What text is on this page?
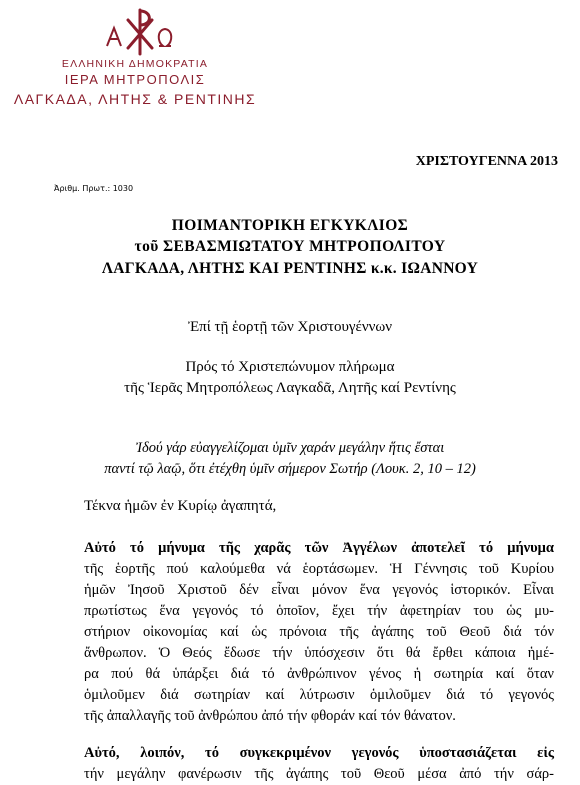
ΕΛΛΗΝΙΚΗ ΔΗΜΟΚΡΑΤΙΑ
ΙΕΡΑ ΜΗΤΡΟΠΟΛΙΣ
ΛΑΓΚΑΔΑ, ΛΗΤΗΣ & ΡΕΝΤΙΝΗΣ
ΧΡΙΣΤΟΥΓΕΝΝΑ 2013
Ἀριθμ. Πρωτ.: 1030
ΠΟΙΜΑΝΤΟΡΙΚΗ ΕΓΚΥΚΛΙΟΣ
τοῦ ΣΕΒΑΣΜΙΩΤΑΤΟΥ ΜΗΤΡΟΠΟΛΙΤΟΥ
ΛΑΓΚΑΔΑ, ΛΗΤΗΣ ΚΑΙ ΡΕΝΤΙΝΗΣ κ.κ. ΙΩΑΝΝΟΥ
Ἐπί τῇ ἑορτῇ τῶν Χριστουγέννων
Πρός τό Χριστεπώνυμον πλήρωμα
τῆς Ἱερᾶς Μητροπόλεως Λαγκαδᾶ, Ληтῆς καί Ρεντίνης
Ἰδού γάρ εὐαγγελίζομαι ὑμῖν χαράν μεγάλην ἥτις ἔσται
παντί τῷ λαῷ, ὅτι ἐτέχθη ὑμῖν σήμερον Σωτήρ (Λουκ. 2, 10 – 12)
Τέκνα ἡμῶν ἐν Κυρίῳ ἀγαπητά,
Αὐτό τό μήνυμα τῆς χαρᾶς τῶν Ἀγγέλων ἀποτελεῖ τό μήνυμα
τῆς ἑορτῆς πού καλούμεθα νά ἑορτάσωμεν. Ἡ Γέννησις τοῦ Κυρίου
ἡμῶν Ἰησοῦ Χριστοῦ δέν εἶναι μόνον ἕνα γεγονός ἱστορικόν. Εἶναι
πρωτίστως ἕνα γεγονός τό ὁποῖον, ἔχει τήν ἀφετηρίαν του ὡς μυ-
στήριον οἰκονομίας καί ὡς πρόνοια τῆς ἀγάπης τοῦ Θεοῦ διά τόν
ἄνθρωπον. Ὁ Θεός ἔδωσε τήν ὑπόσχεσιν ὅτι θά ἔρθει κάποια ἡμέ-
ρα πού θά ὑπάρξει διά τό ἀνθρώπινον γένος ἡ σωτηρία καί ὅταν
ὁμιλοῦμεν διά σωτηρίαν καί λύτρωσιν ὁμιλοῦμεν διά τό γεγονός
τῆς ἀπαλλαγῆς τοῦ ἀνθρώπου ἀπό τήν φθοράν καί τόν θάνατον.
Αὐτό, λοιπόν, τό συγκεκριμένον γεγονός ὑποστασιάζεται εἰς
τήν μεγάλην φανέρωσιν τῆς ἀγάπης τοῦ Θεοῦ μέσα ἀπό τήν σάρ-
